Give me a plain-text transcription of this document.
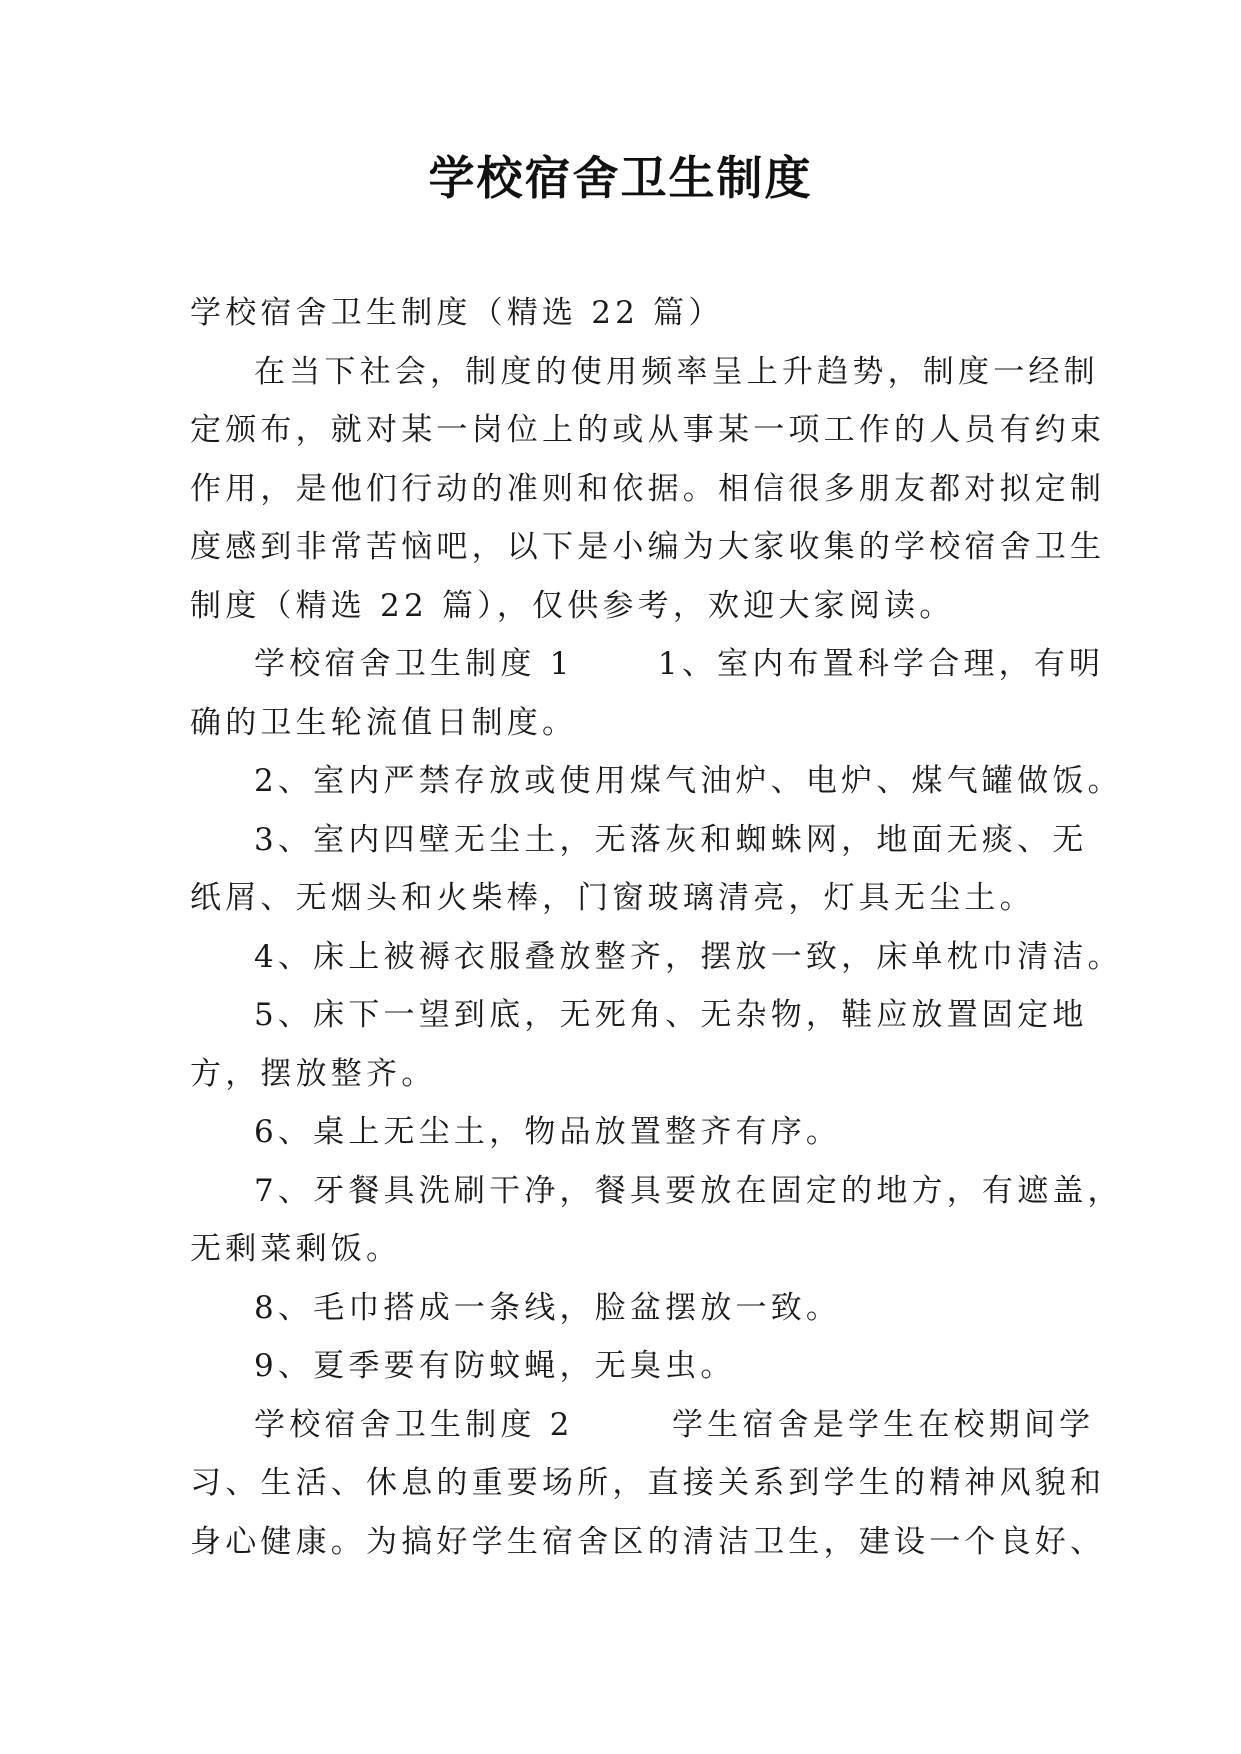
学校宿舍卫生制度
学校宿舍卫生制度（精选 22 篇）
在当下社会，制度的使用频率呈上升趋势，制度一经制
定颁布，就对某一岗位上的或从事某一项工作的人员有约束
作用，是他们行动的准则和依据。相信很多朋友都对拟定制
度感到非常苦恼吧，以下是小编为大家收集的学校宿舍卫生
制度（精选 22 篇），仅供参考，欢迎大家阅读。
学校宿舍卫生制度 1      1、室内布置科学合理，有明
确的卫生轮流值日制度。
2、室内严禁存放或使用煤气油炉、电炉、煤气罐做饭。
3、室内四壁无尘土，无落灰和蜘蛛网，地面无痰、无
纸屑、无烟头和火柴棒，门窗玻璃清亮，灯具无尘土。
4、床上被褥衣服叠放整齐，摆放一致，床单枕巾清洁。
5、床下一望到底，无死角、无杂物，鞋应放置固定地
方，摆放整齐。
6、桌上无尘土，物品放置整齐有序。
7、牙餐具洗刷干净，餐具要放在固定的地方，有遮盖，
无剩菜剩饭。
8、毛巾搭成一条线，脸盆摆放一致。
9、夏季要有防蚊蝇，无臭虫。
学校宿舍卫生制度 2       学生宿舍是学生在校期间学
习、生活、休息的重要场所，直接关系到学生的精神风貌和
身心健康。为搞好学生宿舍区的清洁卫生，建设一个良好、
